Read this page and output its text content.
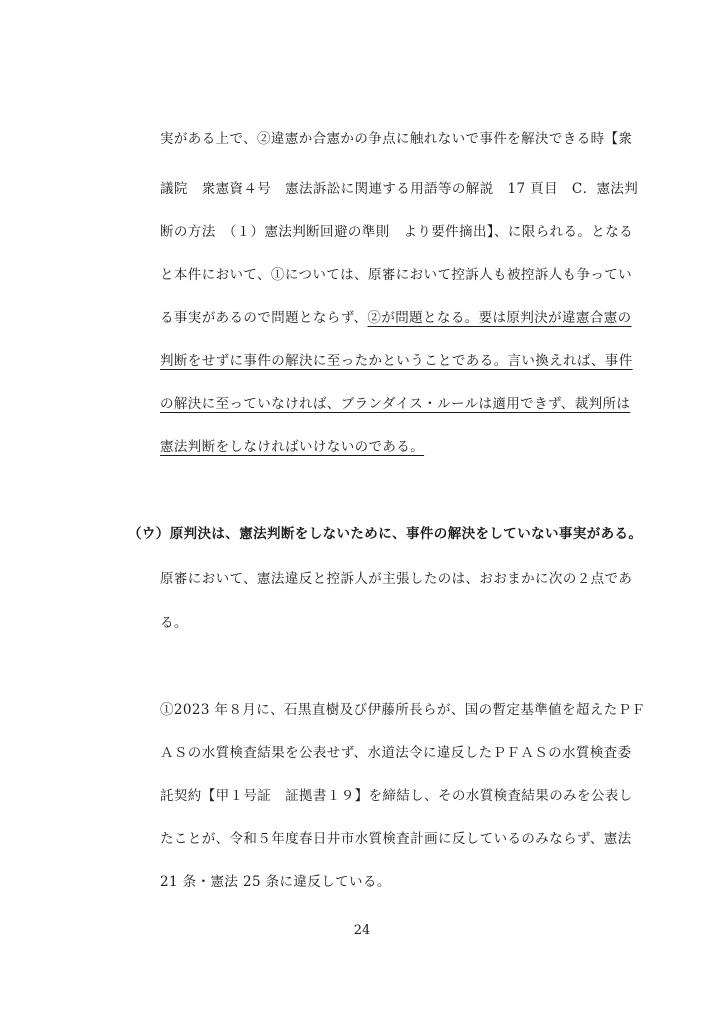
実がある上で、②違憲か合憲かの争点に触れないで事件を解決できる時【衆
議院　衆憲資４号　憲法訴訟に関連する用語等の解説　17 頁目　C．憲法判
断の方法　（１）憲法判断回避の準則　より要件摘出】、に限られる。となる
と本件において、①については、原審において控訴人も被控訴人も争ってい
る事実があるので問題とならず、②が問題となる。要は原判決が違憲合憲の
判断をせずに事件の解決に至ったかということである。言い換えれば、事件
の解決に至っていなければ、ブランダイス・ルールは適用できず、裁判所は
憲法判断をしなければいけないのである。
（ウ）原判決は、憲法判断をしないために、事件の解決をしていない事実がある。
原審において、憲法違反と控訴人が主張したのは、おおまかに次の２点であ
る。
①2023 年８月に、石黒直樹及び伊藤所長らが、国の暫定基準値を超えたＰＦ
ＡＳの水質検査結果を公表せず、水道法令に違反したＰＦＡＳの水質検査委
託契約【甲１号証　証拠書１９】を締結し、その水質検査結果のみを公表し
たことが、令和５年度春日井市水質検査計画に反しているのみならず、憲法
21 条・憲法 25 条に違反している。
24
